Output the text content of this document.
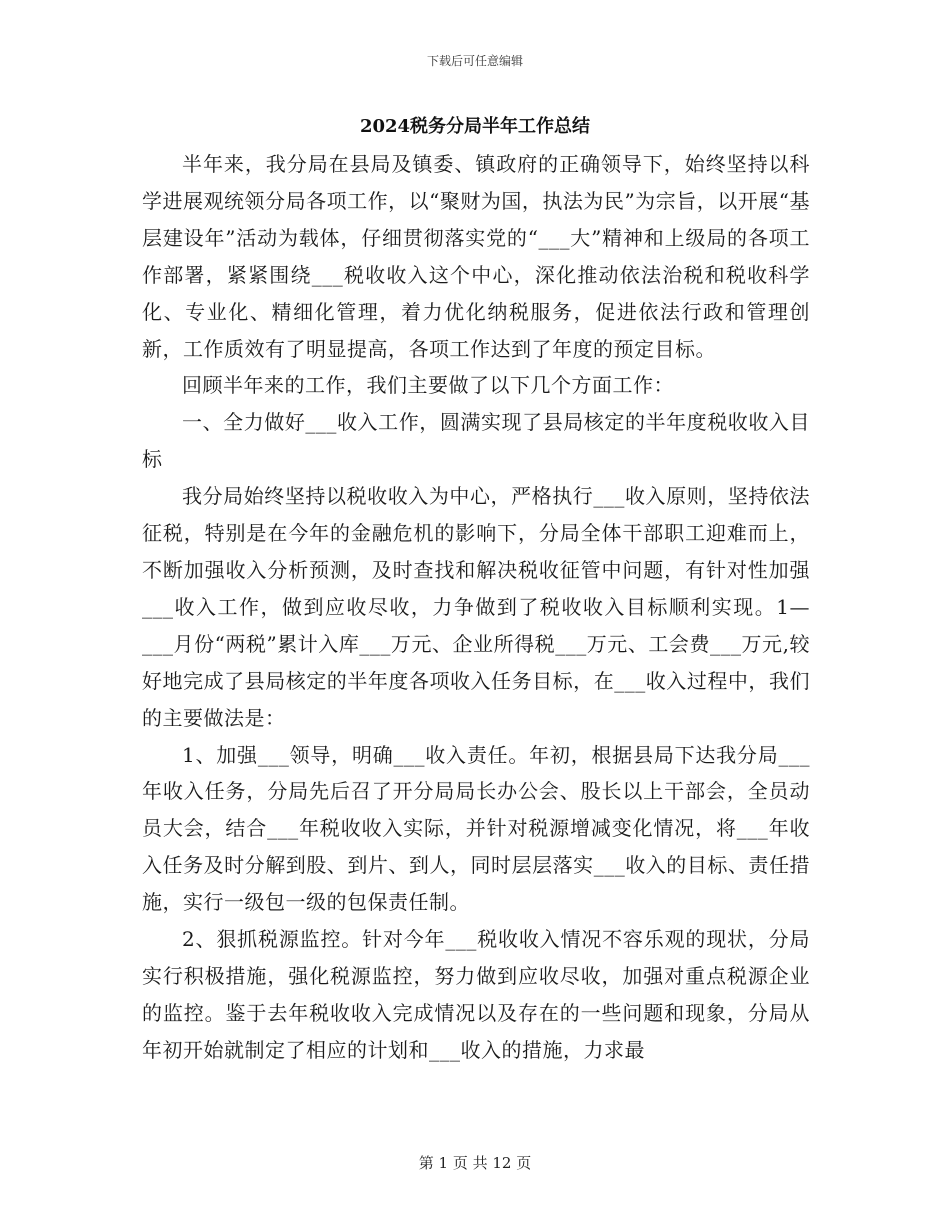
下载后可任意编辑
2024税务分局半年工作总结

半年来，我分局在县局及镇委、镇政府的正确领导下，始终坚持以科学进展观统领分局各项工作，以“聚财为国，执法为民”为宗旨，以开展“基层建设年”活动为载体，仔细贯彻落实党的“___大”精神和上级局的各项工作部署，紧紧围绕___税收收入这个中心，深化推动依法治税和税收科学化、专业化、精细化管理，着力优化纳税服务，促进依法行政和管理创新，工作质效有了明显提高，各项工作达到了年度的预定目标。

回顾半年来的工作，我们主要做了以下几个方面工作：

一、全力做好___收入工作，圆满实现了县局核定的半年度税收收入目标

我分局始终坚持以税收收入为中心，严格执行___收入原则，坚持依法征税，特别是在今年的金融危机的影响下，分局全体干部职工迎难而上，不断加强收入分析预测，及时查找和解决税收征管中问题，有针对性加强___收入工作，做到应收尽收，力争做到了税收收入目标顺利实现。1—___月份“两税”累计入库___万元、企业所得税___万元、工会费___万元,较好地完成了县局核定的半年度各项收入任务目标，在___收入过程中，我们的主要做法是：

1、加强___领导，明确___收入责任。年初，根据县局下达我分局___年收入任务，分局先后召了开分局局长办公会、股长以上干部会，全员动员大会，结合___年税收收入实际，并针对税源增减变化情况，将___年收入任务及时分解到股、到片、到人，同时层层落实___收入的目标、责任措施，实行一级包一级的包保责任制。

2、狠抓税源监控。针对今年___税收收入情况不容乐观的现状，分局实行积极措施，强化税源监控，努力做到应收尽收，加强对重点税源企业的监控。鉴于去年税收收入完成情况以及存在的一些问题和现象，分局从年初开始就制定了相应的计划和___收入的措施，力求最

第 1 页 共 12 页
